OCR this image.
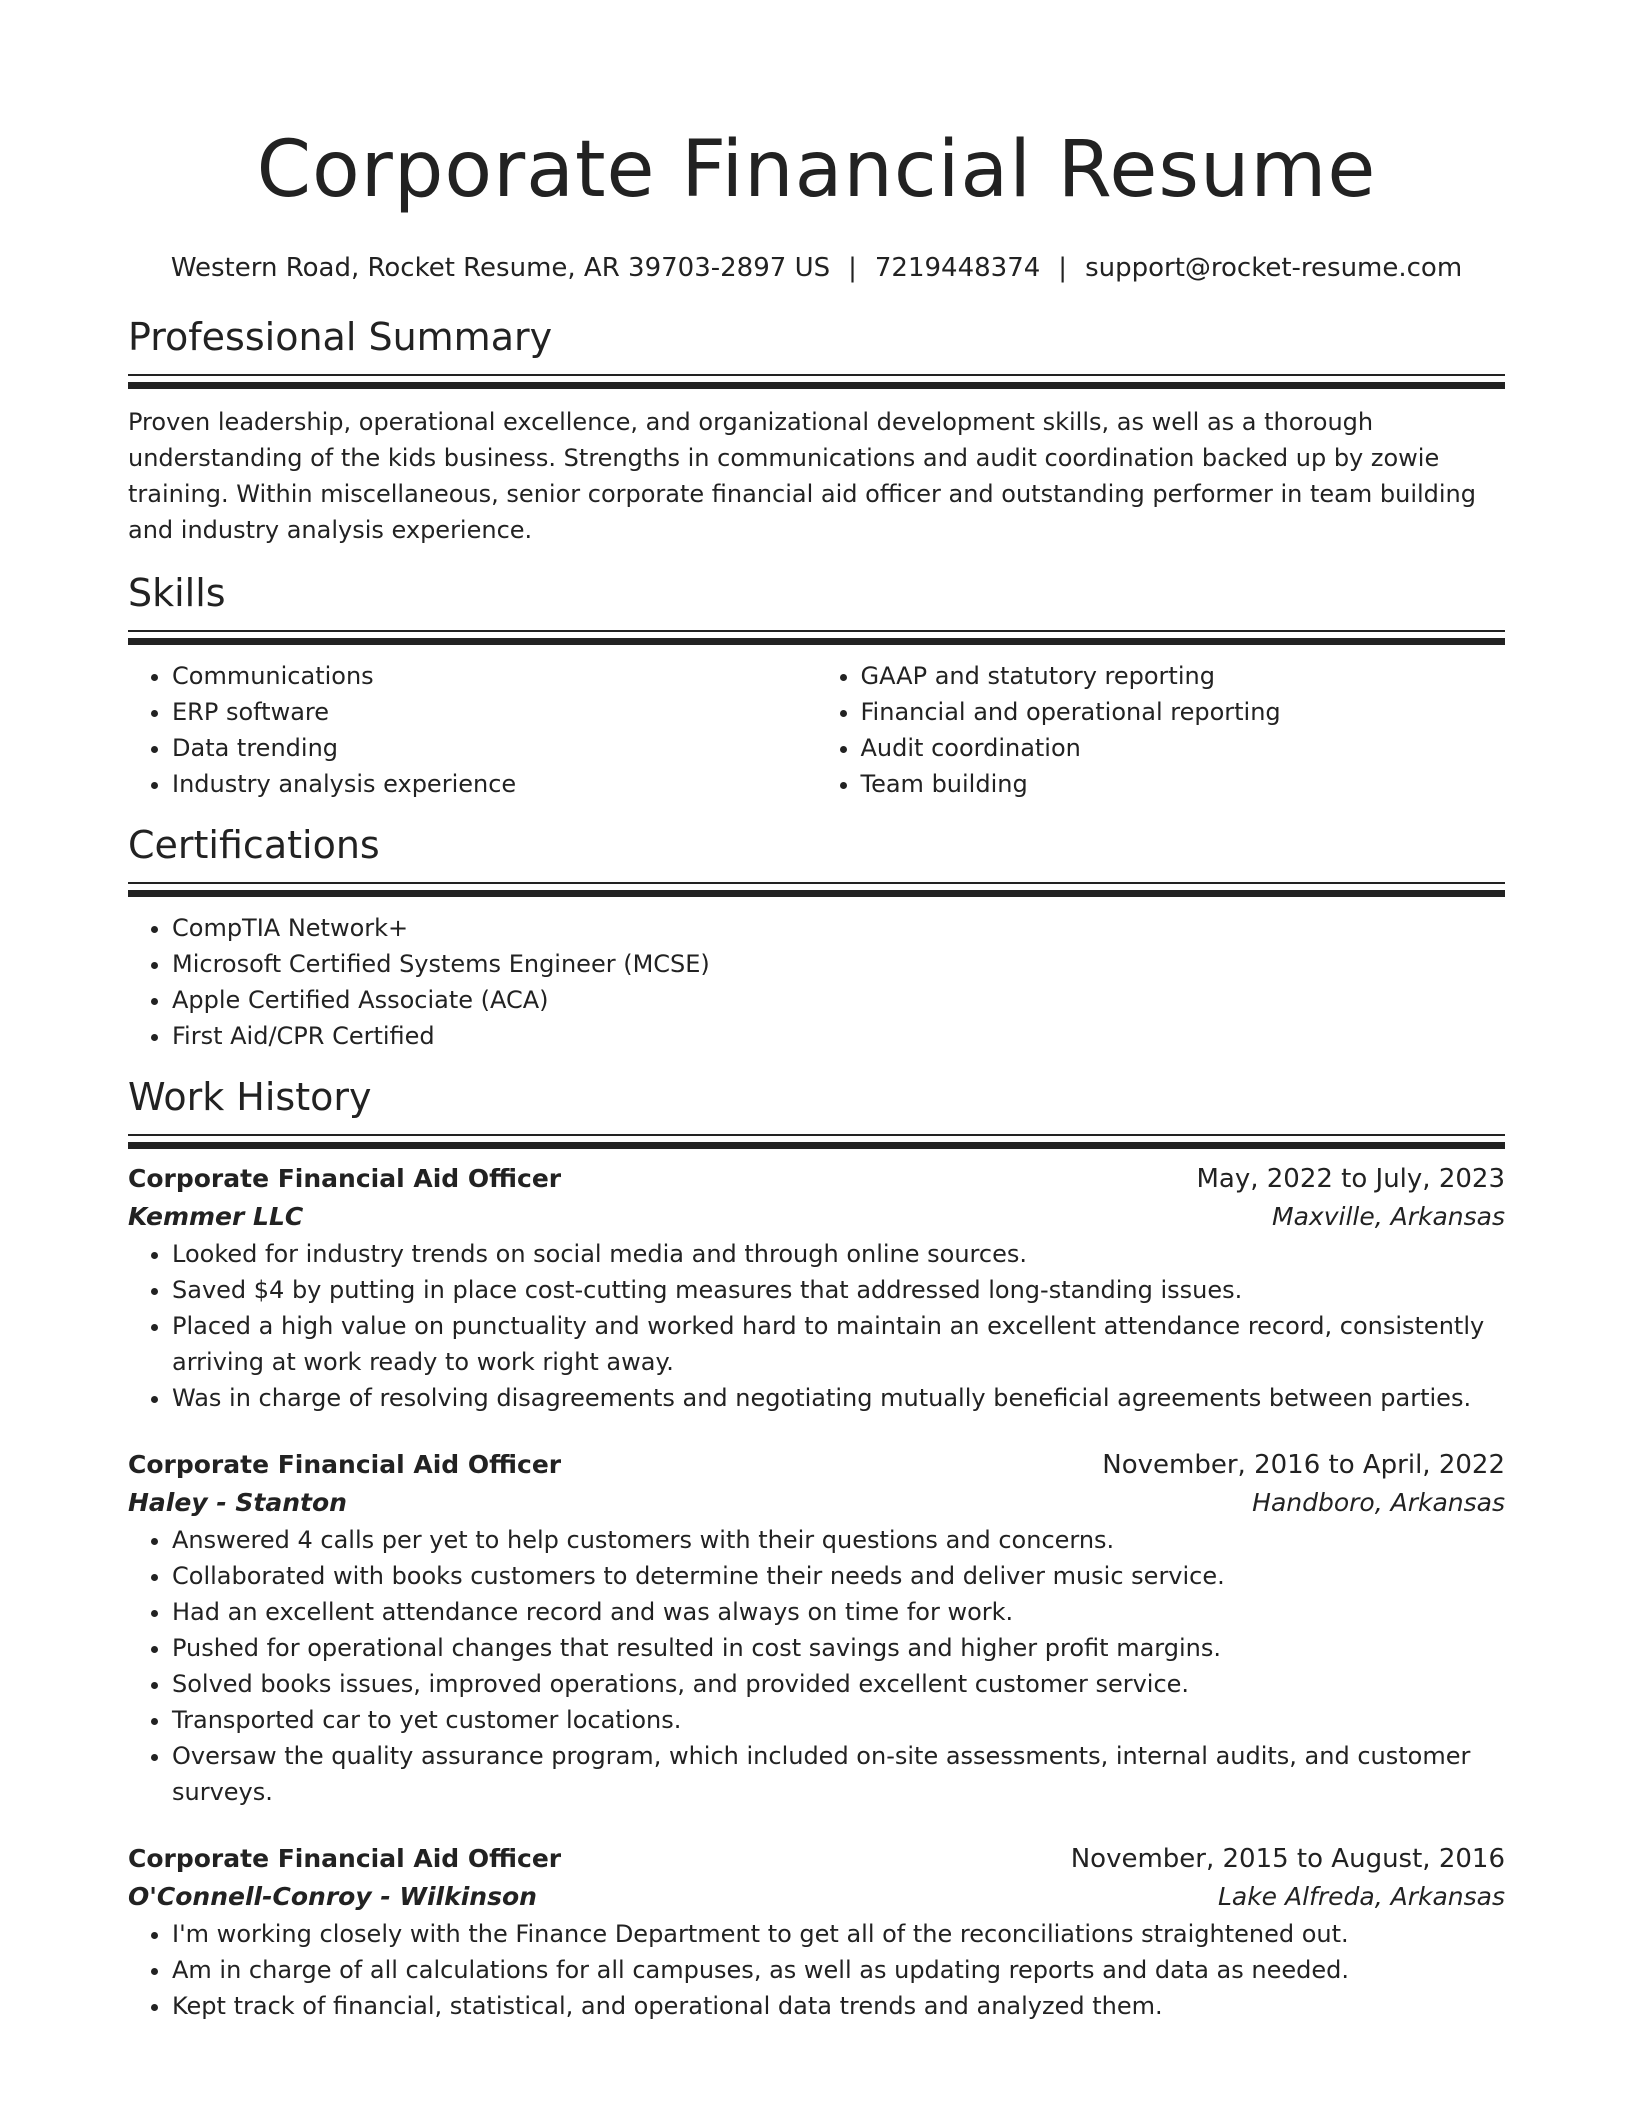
Corporate Financial Resume
Western Road, Rocket Resume, AR 39703-2897 US | 7219448374 | support@rocket-resume.com
Professional Summary

Proven leadership, operational excellence, and organizational development skills, as well as a thorough understanding of the kids business. Strengths in communications and audit coordination backed up by zowie training. Within miscellaneous, senior corporate financial aid officer and outstanding performer in team building and industry analysis experience.

Skills
• Communications
• ERP software
• Data trending
• Industry analysis experience
• GAAP and statutory reporting
• Financial and operational reporting
• Audit coordination
• Team building
Certifications
• CompTIA Network+
• Microsoft Certified Systems Engineer (MCSE)
• Apple Certified Associate (ACA)
• First Aid/CPR Certified
Work History
Corporate Financial Aid Officer	May, 2022 to July, 2023
Kemmer LLC	Maxville, Arkansas
• Looked for industry trends on social media and through online sources.
• Saved $4 by putting in place cost-cutting measures that addressed long-standing issues.
• Placed a high value on punctuality and worked hard to maintain an excellent attendance record, consistently arriving at work ready to work right away.
• Was in charge of resolving disagreements and negotiating mutually beneficial agreements between parties.
Corporate Financial Aid Officer	November, 2016 to April, 2022
Haley - Stanton	Handboro, Arkansas
• Answered 4 calls per yet to help customers with their questions and concerns.
• Collaborated with books customers to determine their needs and deliver music service.
• Had an excellent attendance record and was always on time for work.
• Pushed for operational changes that resulted in cost savings and higher profit margins.
• Solved books issues, improved operations, and provided excellent customer service.
• Transported car to yet customer locations.
• Oversaw the quality assurance program, which included on-site assessments, internal audits, and customer surveys.
Corporate Financial Aid Officer	November, 2015 to August, 2016
O'Connell-Conroy - Wilkinson	Lake Alfreda, Arkansas
• I'm working closely with the Finance Department to get all of the reconciliations straightened out.
• Am in charge of all calculations for all campuses, as well as updating reports and data as needed.
• Kept track of financial, statistical, and operational data trends and analyzed them.
